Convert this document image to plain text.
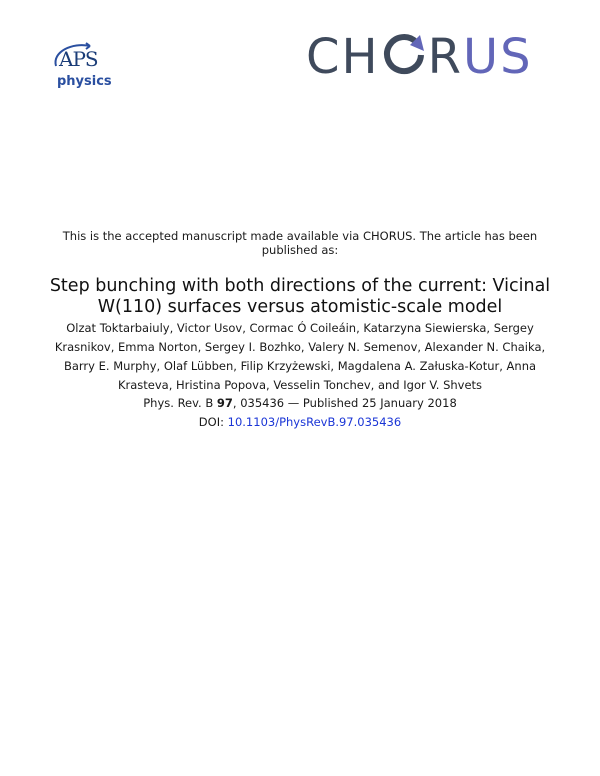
APS
physics	CH RUS
This is the accepted manuscript made available via CHORUS. The article has been published as:
Step bunching with both directions of the current: Vicinal W(110) surfaces versus atomistic-scale model
Olzat Toktarbaiuly, Victor Usov, Cormac Ó Coileáin, Katarzyna Siewierska, Sergey Krasnikov, Emma Norton, Sergey I. Bozhko, Valery N. Semenov, Alexander N. Chaika, Barry E. Murphy, Olaf Lübben, Filip Krzyżewski, Magdalena A. Załuska-Kotur, Anna Krasteva, Hristina Popova, Vesselin Tonchev, and Igor V. Shvets
Phys. Rev. B 97, 035436 — Published 25 January 2018
DOI: 10.1103/PhysRevB.97.035436
